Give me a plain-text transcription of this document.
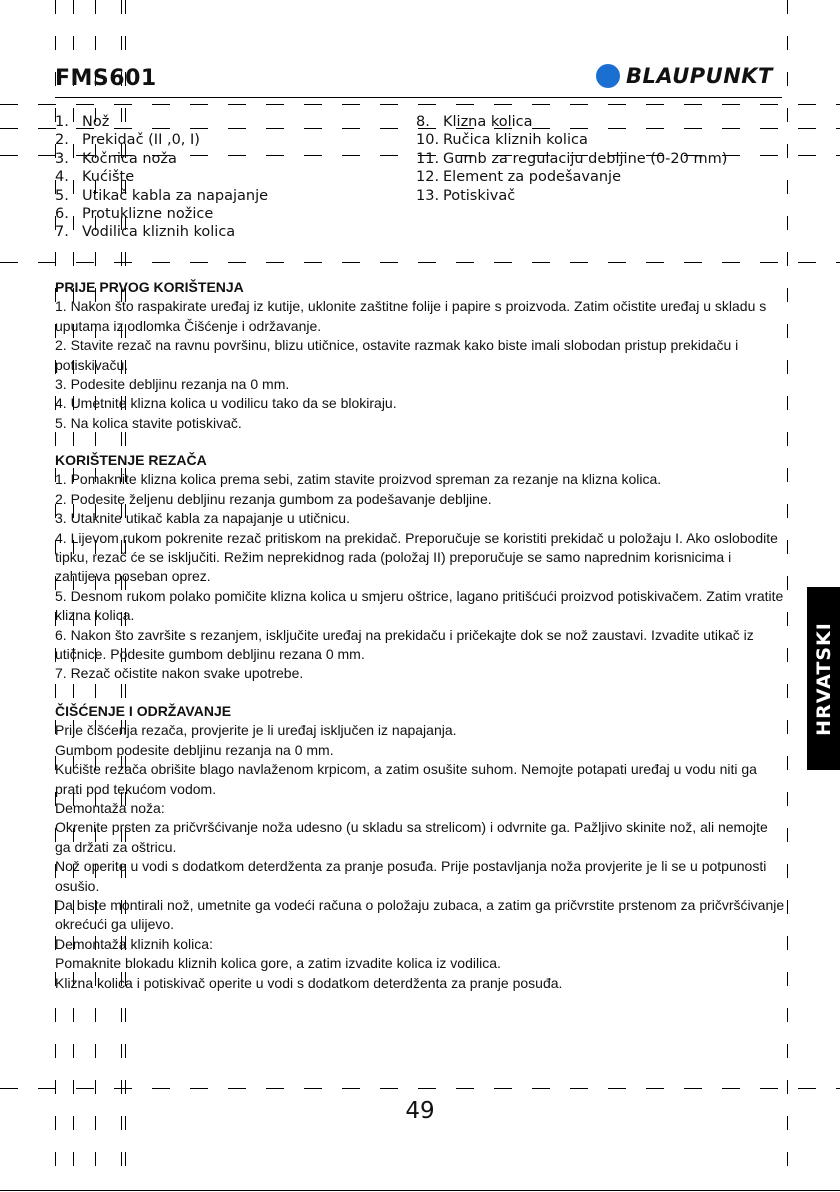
FMS601	BLAUPUNKT
1. Nož
2. Prekidač (II ,0, I)
3. Kočnica noža
4. Kućište
5. Utikač kabla za napajanje
6. Protuklizne nožice
7. Vodilica kliznih kolica
8. Klizna kolica
10. Ručica kliznih kolica
11. Gumb za regulaciju debljine (0-20 mm)
12. Element za podešavanje
13. Potiskivač
PRIJE PRVOG KORIŠTENJA

1. Nakon što raspakirate uređaj iz kutije, uklonite zaštitne folije i papire s proizvoda. Zatim očistite uređaj u skladu s uputama iz odlomka Čišćenje i održavanje.

2. Stavite rezač na ravnu površinu, blizu utičnice, ostavite razmak kako biste imali slobodan pristup prekidaču i potiskivaču.

3. Podesite debljinu rezanja na 0 mm.

4. Umetnite klizna kolica u vodilicu tako da se blokiraju.

5. Na kolica stavite potiskivač.

KORIŠTENJE REZAČA

1. Pomaknite klizna kolica prema sebi, zatim stavite proizvod spreman za rezanje na klizna kolica.

2. Podesite željenu debljinu rezanja gumbom za podešavanje debljine.

3. Utaknite utikač kabla za napajanje u utičnicu.

4. Lijevom rukom pokrenite rezač pritiskom na prekidač. Preporučuje se koristiti prekidač u položaju I. Ako oslobodite tipku, rezač će se isključiti. Režim neprekidnog rada (položaj II) preporučuje se samo naprednim korisnicima i zahtijeva poseban oprez.

5. Desnom rukom polako pomičite klizna kolica u smjeru oštrice, lagano pritišćući proizvod potiskivačem. Zatim vratite klizna kolica.

6. Nakon što završite s rezanjem, isključite uređaj na prekidaču i pričekajte dok se nož zaustavi. Izvadite utikač iz utičnice. Podesite gumbom debljinu rezana 0 mm.

7. Rezač očistite nakon svake upotrebe.

ČIŠĆENJE I ODRŽAVANJE

Prije čišćenja rezača, provjerite je li uređaj isključen iz napajanja.

Gumbom podesite debljinu rezanja na 0 mm.

Kućište rezača obrišite blago navlaženom krpicom, a zatim osušite suhom. Nemojte potapati uređaj u vodu niti ga prati pod tekućom vodom.

Demontaža noža:

Okrenite prsten za pričvršćivanje noža udesno (u skladu sa strelicom) i odvrnite ga. Pažljivo skinite nož, ali nemojte ga držati za oštricu.

Nož operite u vodi s dodatkom deterdženta za pranje posuđa. Prije postavljanja noža provjerite je li se u potpunosti osušio.

Da biste montirali nož, umetnite ga vodeći računa o položaju zubaca, a zatim ga pričvrstite prstenom za pričvršćivanje okrećući ga ulijevo.

Demontaža kliznih kolica:

Pomaknite blokadu kliznih kolica gore, a zatim izvadite kolica iz vodilica.

Klizna kolica i potiskivač operite u vodi s dodatkom deterdženta za pranje posuđa.

HRVATSKI
49
